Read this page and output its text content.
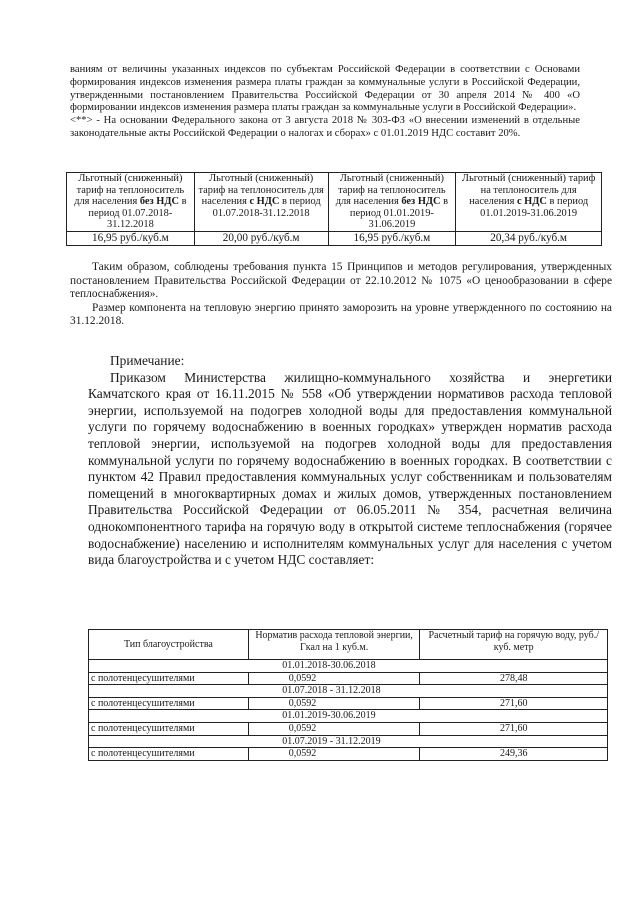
ваниям от величины указанных индексов по субъектам Российской Федерации в соответствии с Основами формирования индексов изменения размера платы граждан за коммунальные услуги в Российской Федерации, утвержденными постановлением Правительства Российской Федерации от 30 апреля 2014 № 400 «О формировании индексов изменения размера платы граждан за коммунальные услуги в Российской Федерации».

<**> - На основании Федерального закона от 3 августа 2018 № 303-ФЗ «О внесении изменений в отдельные законодательные акты Российской Федерации о налогах и сборах» с 01.01.2019 НДС составит 20%.

Льготный (сниженный) тариф на теплоноситель для населения без НДС в период 01.07.2018-31.12.2018	Льготный (сниженный) тариф на теплоноситель для населения с НДС в период 01.07.2018-31.12.2018	Льготный (сниженный) тариф на теплоноситель для населения без НДС в период 01.01.2019-31.06.2019	Льготный (сниженный) тариф на теплоноситель для населения с НДС в период 01.01.2019-31.06.2019
16,95 руб./куб.м	20,00 руб./куб.м	16,95 руб./куб.м	20,34 руб./куб.м

Таким образом, соблюдены требования пункта 15 Принципов и методов регулирования, утвержденных постановлением Правительства Российской Федерации от 22.10.2012 № 1075 «О ценообразовании в сфере теплоснабжения».

Размер компонента на тепловую энергию принято заморозить на уровне утвержденного по состоянию на 31.12.2018.

Примечание:

Приказом Министерства жилищно-коммунального хозяйства и энергетики Камчатского края от 16.11.2015 № 558 «Об утверждении нормативов расхода тепловой энергии, используемой на подогрев холодной воды для предоставления коммунальной услуги по горячему водоснабжению в военных городках» утвержден норматив расхода тепловой энергии, используемой на подогрев холодной воды для предоставления коммунальной услуги по горячему водоснабжению в военных городках. В соответствии с пунктом 42 Правил предоставления коммунальных услуг собственникам и пользователям помещений в многоквартирных домах и жилых домов, утвержденных постановлением Правительства Российской Федерации от 06.05.2011 № 354, расчетная величина однокомпонентного тарифа на горячую воду в открытой системе теплоснабжения (горячее водоснабжение) населению и исполнителям коммунальных услуг для населения с учетом вида благоустройства и с учетом НДС составляет:

Тип благоустройства	Норматив расхода тепловой энергии, Гкал на 1 куб.м.	Расчетный тариф на горячую воду, руб./куб. метр
	01.01.2018-30.06.2018	
с полотенцесушителями	0,0592	278,48
	01.07.2018 - 31.12.2018	
с полотенцесушителями	0,0592	271,60
	01.01.2019-30.06.2019	
с полотенцесушителями	0,0592	271,60
	01.07.2019 - 31.12.2019	
с полотенцесушителями	0,0592	249,36
